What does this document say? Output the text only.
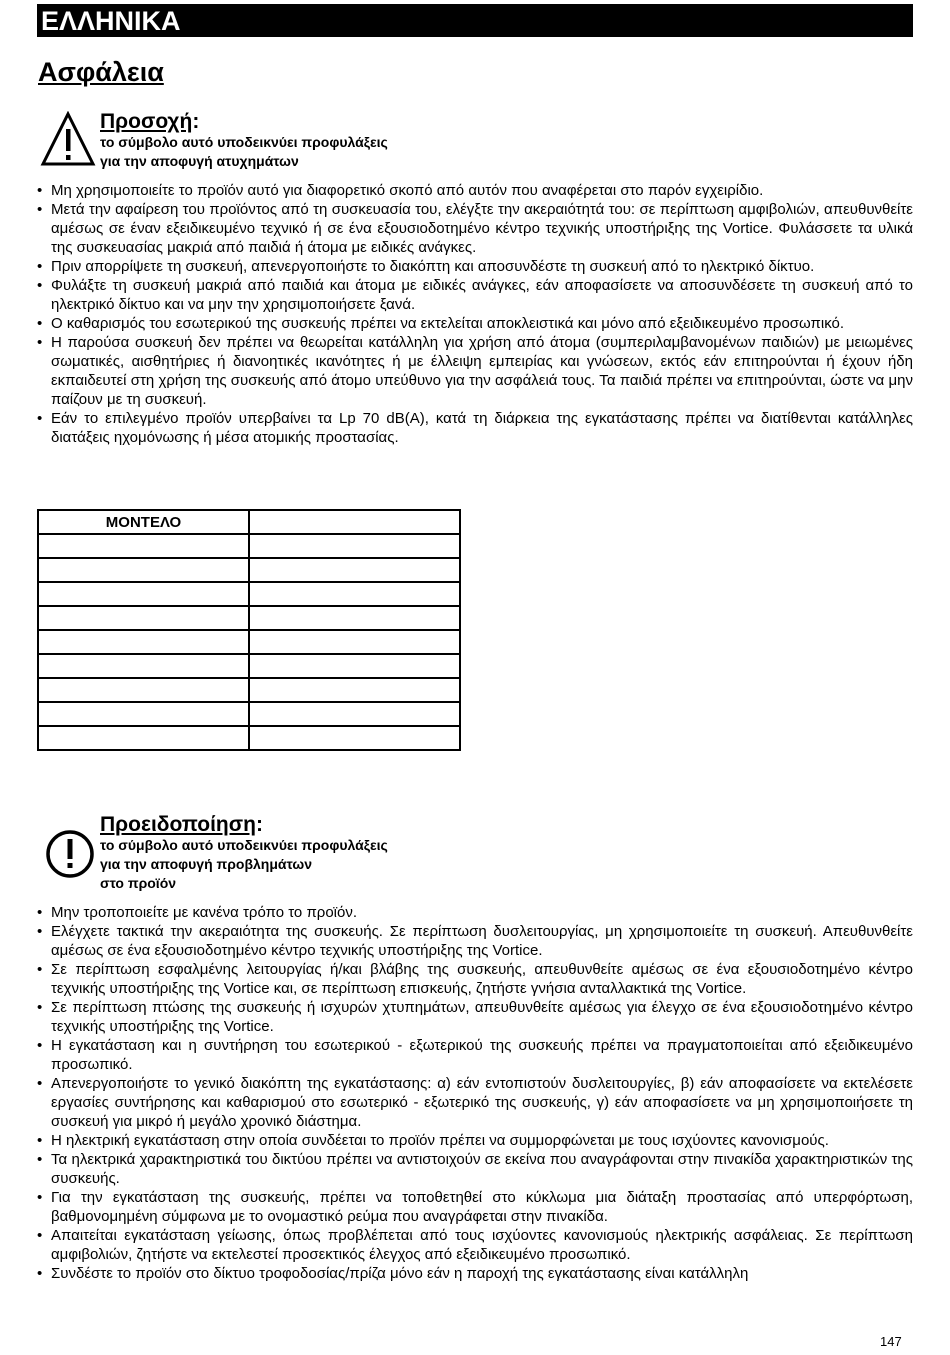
ΕΛΛΗΝΙΚΑ
Ασφάλεια
Προσοχή:
το σύμβολο αυτό υποδεικνύει προφυλάξεις
για την αποφυγή ατυχημάτων
• Μη χρησιμοποιείτε το προϊόν αυτό για διαφορετικό σκοπό από αυτόν που αναφέρεται στο παρόν εγχειρίδιο.
• Μετά την αφαίρεση του προϊόντος από τη συσκευασία του, ελέγξτε την ακεραιότητά του: σε περίπτωση αμφιβολιών, απευθυνθείτε αμέσως σε έναν εξειδικευμένο τεχνικό ή σε ένα εξουσιοδοτημένο κέντρο τεχνικής υποστήριξης της Vortice. Φυλάσσετε τα υλικά της συσκευασίας μακριά από παιδιά ή άτομα με ειδικές ανάγκες.
• Πριν απορρίψετε τη συσκευή, απενεργοποιήστε το διακόπτη και αποσυνδέστε τη συσκευή από το ηλεκτρικό δίκτυο.
• Φυλάξτε τη συσκευή μακριά από παιδιά και άτομα με ειδικές ανάγκες, εάν αποφασίσετε να αποσυνδέσετε τη συσκευή από το ηλεκτρικό δίκτυο και να μην την χρησιμοποιήσετε ξανά.
• Ο καθαρισμός του εσωτερικού της συσκευής πρέπει να εκτελείται αποκλειστικά και μόνο από εξειδικευμένο προσωπικό.
• Η παρούσα συσκευή δεν πρέπει να θεωρείται κατάλληλη για χρήση από άτομα (συμπεριλαμβανομένων παιδιών) με μειωμένες σωματικές, αισθητήριες ή διανοητικές ικανότητες ή με έλλειψη εμπειρίας και γνώσεων, εκτός εάν επιτηρούνται ή έχουν ήδη εκπαιδευτεί στη χρήση της συσκευής από άτομο υπεύθυνο για την ασφάλειά τους. Τα παιδιά πρέπει να επιτηρούνται, ώστε να μην παίζουν με τη συσκευή.
• Εάν το επιλεγμένο προϊόν υπερβαίνει τα Lp 70 dB(A), κατά τη διάρκεια της εγκατάστασης πρέπει να διατίθενται κατάλληλες διατάξεις ηχομόνωσης ή μέσα ατομικής προστασίας.
ΜΟΝΤΕΛΟ	

Προειδοποίηση:
το σύμβολο αυτό υποδεικνύει προφυλάξεις
για την αποφυγή προβλημάτων
στο προϊόν
• Μην τροποποιείτε με κανένα τρόπο το προϊόν.
• Ελέγχετε τακτικά την ακεραιότητα της συσκευής. Σε περίπτωση δυσλειτουργίας, μη χρησιμοποιείτε τη συσκευή. Απευθυνθείτε αμέσως σε ένα εξουσιοδοτημένο κέντρο τεχνικής υποστήριξης της Vortice.
• Σε περίπτωση εσφαλμένης λειτουργίας ή/και βλάβης της συσκευής, απευθυνθείτε αμέσως σε ένα εξουσιοδοτημένο κέντρο τεχνικής υποστήριξης της Vortice και, σε περίπτωση επισκευής, ζητήστε γνήσια ανταλλακτικά της Vortice.
• Σε περίπτωση πτώσης της συσκευής ή ισχυρών χτυπημάτων, απευθυνθείτε αμέσως για έλεγχο σε ένα εξουσιοδοτημένο κέντρο τεχνικής υποστήριξης της Vortice.
• Η εγκατάσταση και η συντήρηση του εσωτερικού - εξωτερικού της συσκευής πρέπει να πραγματοποιείται από εξειδικευμένο προσωπικό.
• Απενεργοποιήστε το γενικό διακόπτη της εγκατάστασης: α) εάν εντοπιστούν δυσλειτουργίες, β) εάν αποφασίσετε να εκτελέσετε εργασίες συντήρησης και καθαρισμού στο εσωτερικό - εξωτερικό της συσκευής, γ) εάν αποφασίσετε να μη χρησιμοποιήσετε τη συσκευή για μικρό ή μεγάλο χρονικό διάστημα.
• Η ηλεκτρική εγκατάσταση στην οποία συνδέεται το προϊόν πρέπει να συμμορφώνεται με τους ισχύοντες κανονισμούς.
• Τα ηλεκτρικά χαρακτηριστικά του δικτύου πρέπει να αντιστοιχούν σε εκείνα που αναγράφονται στην πινακίδα χαρακτηριστικών της συσκευής.
• Για την εγκατάσταση της συσκευής, πρέπει να τοποθετηθεί στο κύκλωμα μια διάταξη προστασίας από υπερφόρτωση, βαθμονομημένη σύμφωνα με το ονομαστικό ρεύμα που αναγράφεται στην πινακίδα.
• Απαιτείται εγκατάσταση γείωσης, όπως προβλέπεται από τους ισχύοντες κανονισμούς ηλεκτρικής ασφάλειας. Σε περίπτωση αμφιβολιών, ζητήστε να εκτελεστεί προσεκτικός έλεγχος από εξειδικευμένο προσωπικό.
• Συνδέστε το προϊόν στο δίκτυο τροφοδοσίας/πρίζα μόνο εάν η παροχή της εγκατάστασης είναι κατάλληλη
147
